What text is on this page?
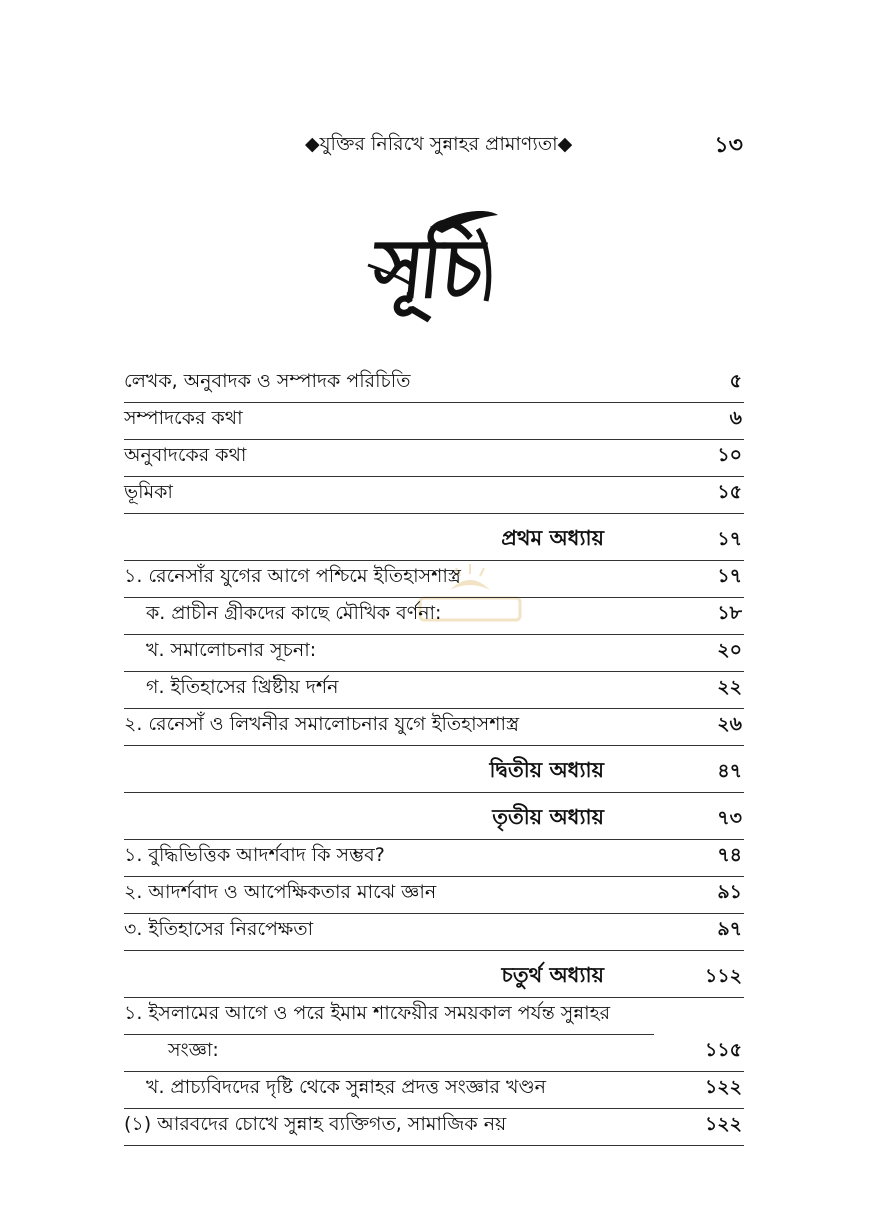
◆যুক্তির নিরিখে সুন্নাহর প্রামাণ্যতা◆	১৩
সূচি
লেখক, অনুবাদক ও সম্পাদক পরিচিতি	৫
সম্পাদকের কথা	৬
অনুবাদকের কথা	১০
ভূমিকা	১৫
প্রথম অধ্যায়	১৭
১. রেনেসাঁর যুগের আগে পশ্চিমে ইতিহাসশাস্ত্র	১৭
ক. প্রাচীন গ্রীকদের কাছে মৌখিক বর্ণনা:	১৮
খ. সমালোচনার সূচনা:	২০
গ. ইতিহাসের খ্রিষ্টীয় দর্শন	২২
২. রেনেসাঁ ও লিখনীর সমালোচনার যুগে ইতিহাসশাস্ত্র	২৬
দ্বিতীয় অধ্যায়	৪৭
তৃতীয় অধ্যায়	৭৩
১. বুদ্ধিভিত্তিক আদর্শবাদ কি সম্ভব?	৭৪
২. আদর্শবাদ ও আপেক্ষিকতার মাঝে জ্ঞান	৯১
৩. ইতিহাসের নিরপেক্ষতা	৯৭
চতুর্থ অধ্যায়	১১২
১. ইসলামের আগে ও পরে ইমাম শাফেয়ীর সময়কাল পর্যন্ত সুন্নাহর
সংজ্ঞা:	১১৫
খ. প্রাচ্যবিদদের দৃষ্টি থেকে সুন্নাহর প্রদত্ত সংজ্ঞার খণ্ডন	১২২
(১) আরবদের চোখে সুন্নাহ ব্যক্তিগত, সামাজিক নয়	১২২
